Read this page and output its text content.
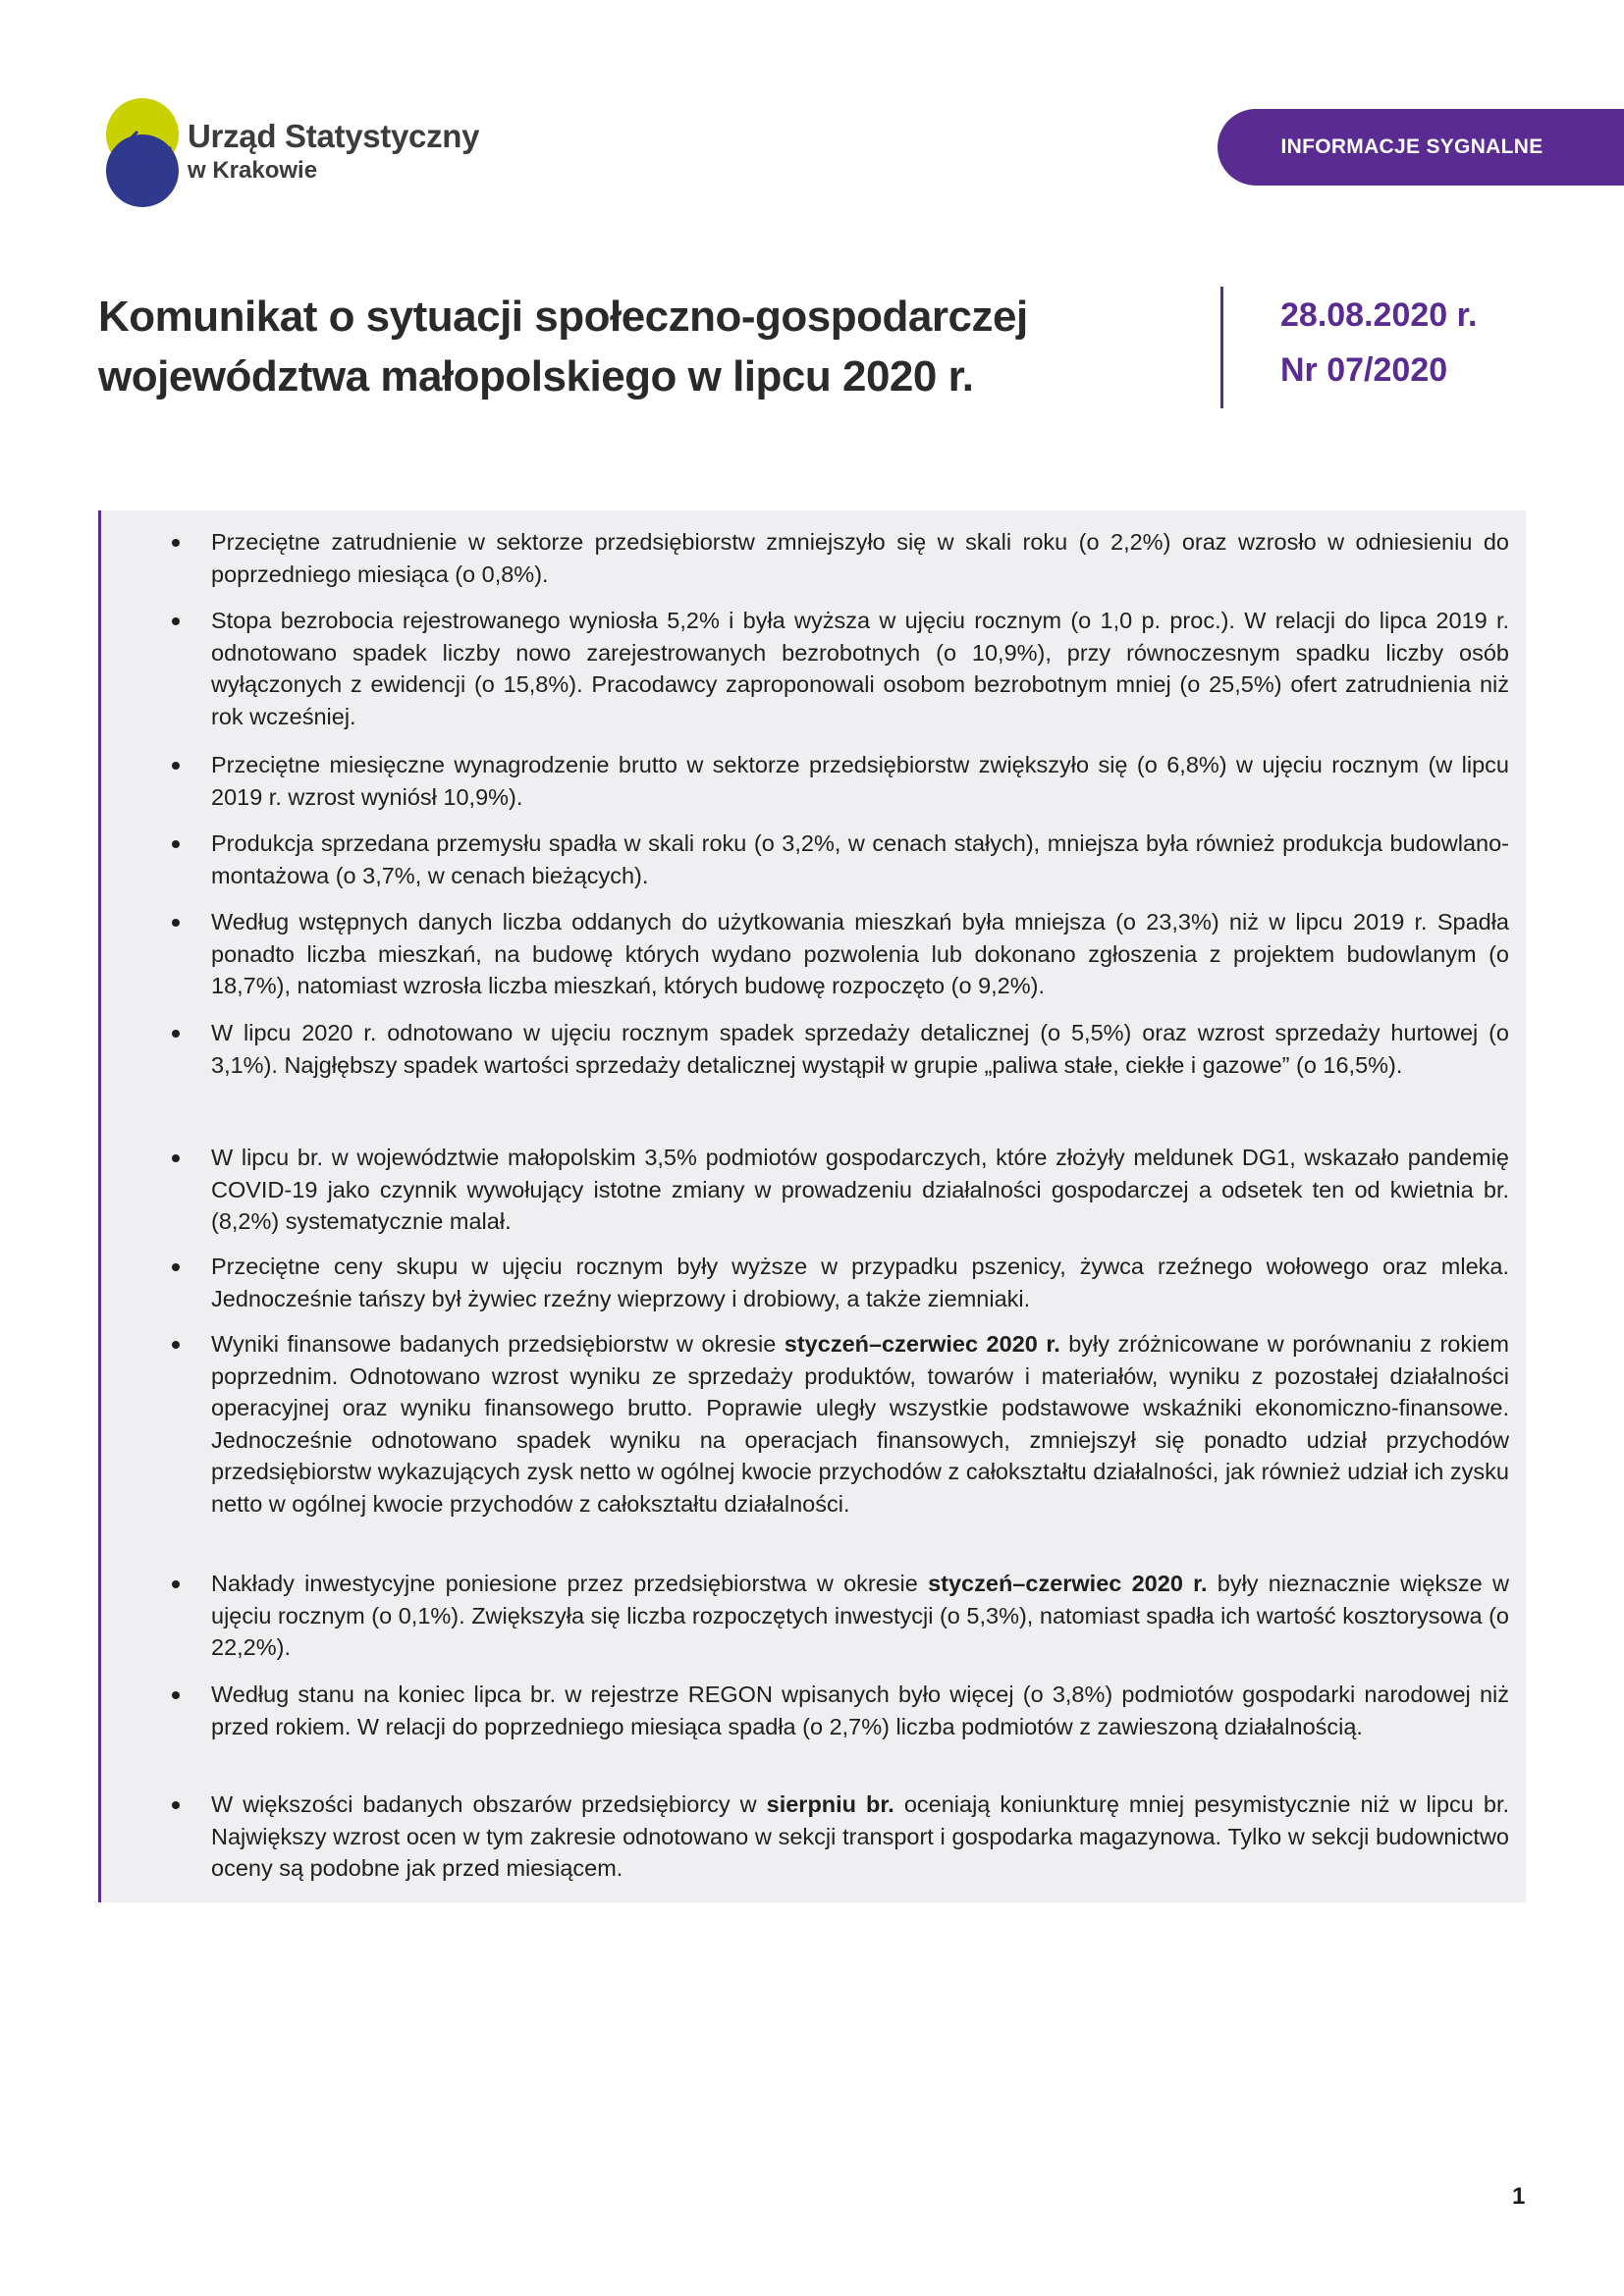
Urząd Statystyczny
w Krakowie
INFORMACJE SYGNALNE
Komunikat o sytuacji społeczno-gospodarczej województwa małopolskiego w lipcu 2020 r.
28.08.2020 r.
Nr 07/2020
Przeciętne zatrudnienie w sektorze przedsiębiorstw zmniejszyło się w skali roku (o 2,2%) oraz wzrosło w odniesieniu do poprzedniego miesiąca (o 0,8%).
Stopa bezrobocia rejestrowanego wyniosła 5,2% i była wyższa w ujęciu rocznym (o 1,0 p. proc.). W relacji do lipca 2019 r. odnotowano spadek liczby nowo zarejestrowanych bezrobotnych (o 10,9%), przy równoczesnym spadku liczby osób wyłączonych z ewidencji (o 15,8%). Pracodawcy zaproponowali osobom bezrobotnym mniej (o 25,5%) ofert zatrudnienia niż rok wcześniej.
Przeciętne miesięczne wynagrodzenie brutto w sektorze przedsiębiorstw zwiększyło się (o 6,8%) w ujęciu rocznym (w lipcu 2019 r. wzrost wyniósł 10,9%).
Produkcja sprzedana przemysłu spadła w skali roku (o 3,2%, w cenach stałych), mniejsza była również produkcja budowlano-montażowa (o 3,7%, w cenach bieżących).
Według wstępnych danych liczba oddanych do użytkowania mieszkań była mniejsza (o 23,3%) niż w lipcu 2019 r. Spadła ponadto liczba mieszkań, na budowę których wydano pozwolenia lub dokonano zgłoszenia z projektem budowlanym (o 18,7%), natomiast wzrosła liczba mieszkań, których budowę rozpoczęto (o 9,2%).
W lipcu 2020 r. odnotowano w ujęciu rocznym spadek sprzedaży detalicznej (o 5,5%) oraz wzrost sprzedaży hurtowej (o 3,1%). Najgłębszy spadek wartości sprzedaży detalicznej wystąpił w grupie „paliwa stałe, ciekłe i gazowe” (o 16,5%).
W lipcu br. w województwie małopolskim 3,5% podmiotów gospodarczych, które złożyły meldunek DG1, wskazało pandemię COVID-19 jako czynnik wywołujący istotne zmiany w prowadzeniu działalności gospodarczej a odsetek ten od kwietnia br. (8,2%) systematycznie malał.
Przeciętne ceny skupu w ujęciu rocznym były wyższe w przypadku pszenicy, żywca rzeźnego wołowego oraz mleka. Jednocześnie tańszy był żywiec rzeźny wieprzowy i drobiowy, a także ziemniaki.
Wyniki finansowe badanych przedsiębiorstw w okresie styczeń–czerwiec 2020 r. były zróżnicowane w porównaniu z rokiem poprzednim. Odnotowano wzrost wyniku ze sprzedaży produktów, towarów i materiałów, wyniku z pozostałej działalności operacyjnej oraz wyniku finansowego brutto. Poprawie uległy wszystkie podstawowe wskaźniki ekonomiczno-finansowe. Jednocześnie odnotowano spadek wyniku na operacjach finansowych, zmniejszył się ponadto udział przychodów przedsiębiorstw wykazujących zysk netto w ogólnej kwocie przychodów z całokształtu działalności, jak również udział ich zysku netto w ogólnej kwocie przychodów z całokształtu działalności.
Nakłady inwestycyjne poniesione przez przedsiębiorstwa w okresie styczeń–czerwiec 2020 r. były nieznacznie większe w ujęciu rocznym (o 0,1%). Zwiększyła się liczba rozpoczętych inwestycji (o 5,3%), natomiast spadła ich wartość kosztorysowa (o 22,2%).
Według stanu na koniec lipca br. w rejestrze REGON wpisanych było więcej (o 3,8%) podmiotów gospodarki narodowej niż przed rokiem. W relacji do poprzedniego miesiąca spadła (o 2,7%) liczba podmiotów z zawieszoną działalnością.
W większości badanych obszarów przedsiębiorcy w sierpniu br. oceniają koniunkturę mniej pesymistycznie niż w lipcu br. Największy wzrost ocen w tym zakresie odnotowano w sekcji transport i gospodarka magazynowa. Tylko w sekcji budownictwo oceny są podobne jak przed miesiącem.
1
